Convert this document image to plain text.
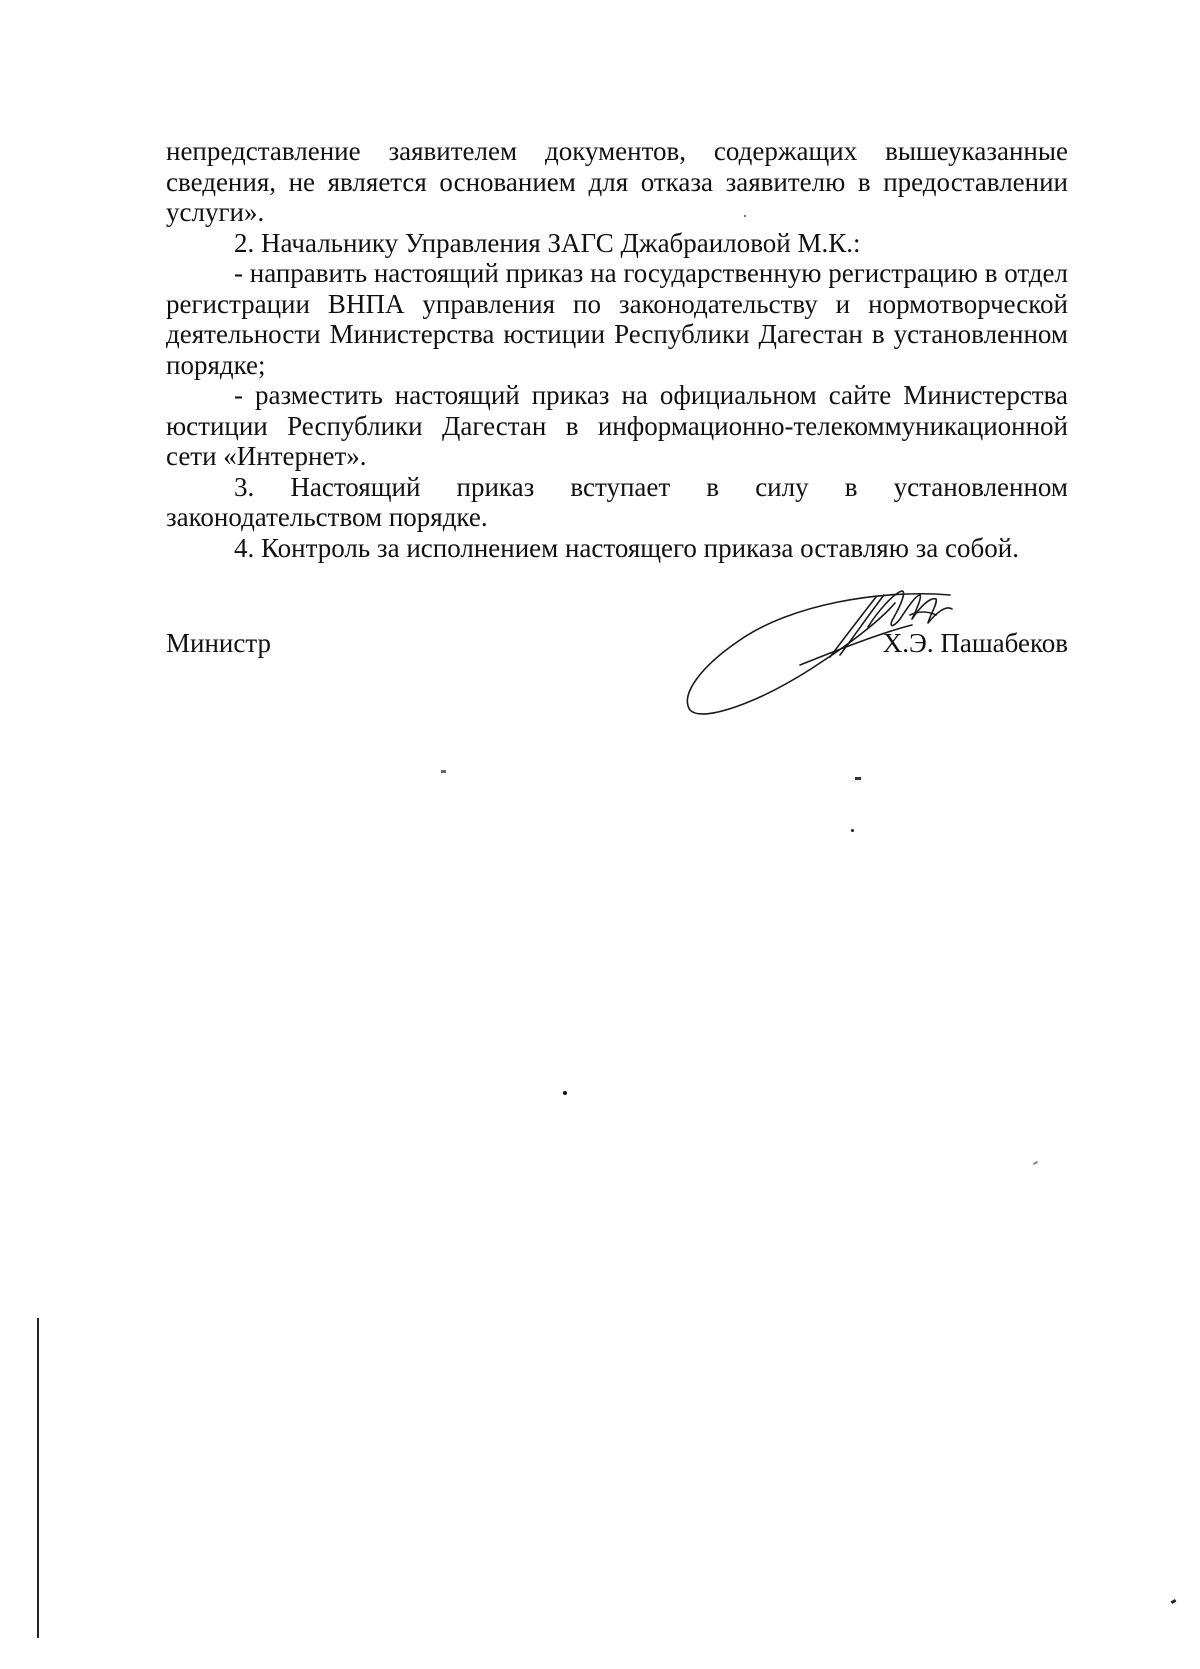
непредставление заявителем документов, содержащих вышеуказанные сведения, не является основанием для отказа заявителю в предоставлении услуги».

2. Начальнику Управления ЗАГС Джабраиловой М.К.:

- направить настоящий приказ на государственную регистрацию в отдел регистрации ВНПА управления по законодательству и нормотворческой деятельности Министерства юстиции Республики Дагестан в установленном порядке;

- разместить настоящий приказ на официальном сайте Министерства юстиции Республики Дагестан в информационно-телекоммуникационной сети «Интернет».

3. Настоящий приказ вступает в силу в установленном законодательством порядке.

4. Контроль за исполнением настоящего приказа оставляю за собой.

Министр	Х.Э. Пашабеков
